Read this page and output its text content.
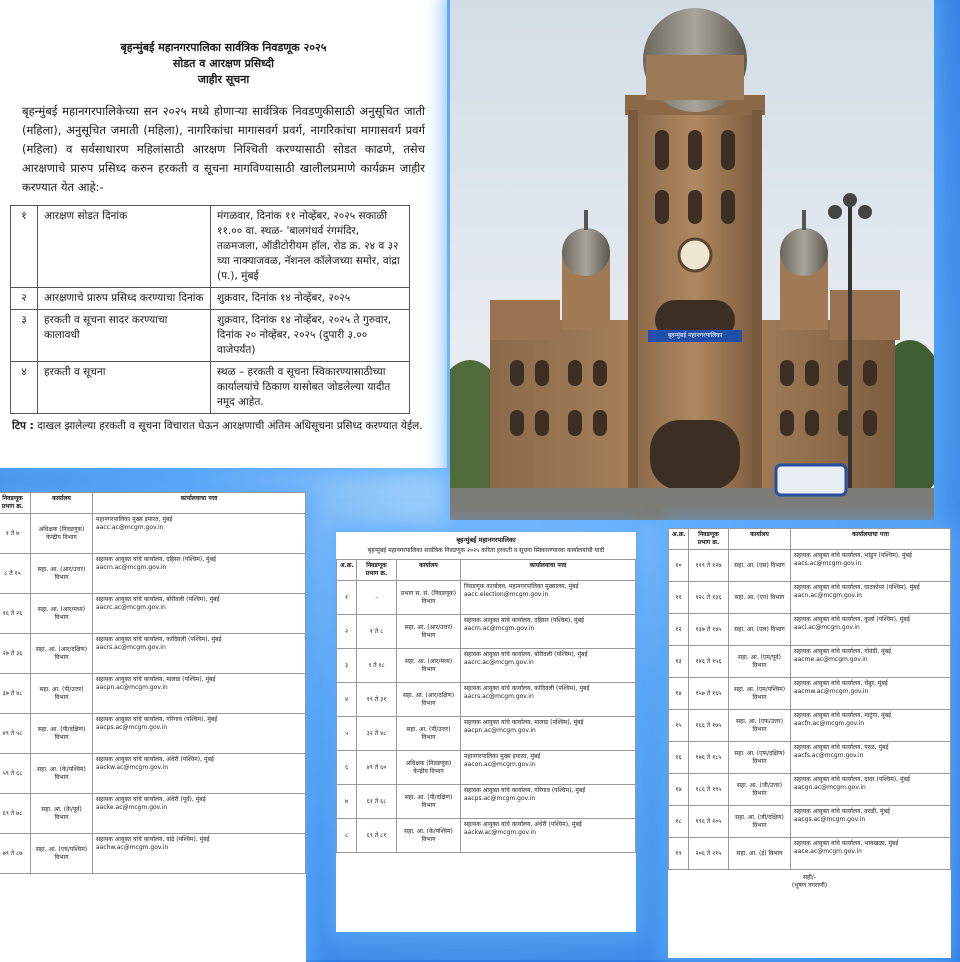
बृहन्मुंबई महानगरपालिका सार्वत्रिक निवडणूक २०२५
सोडत व आरक्षण प्रसिध्दी
जाहीर सूचना
बृहन्मुंबई महानगरपालिकेच्या सन २०२५ मध्ये होणाऱ्या सार्वत्रिक निवडणुकीसाठी अनुसूचित जाती (महिला), अनुसूचित जमाती (महिला), नागरिकांचा मागासवर्ग प्रवर्ग, नागरिकांचा मागासवर्ग प्रवर्ग (महिला) व सर्वसाधारण महिलांसाठी आरक्षण निश्चिती करण्यासाठी सोडत काढणे, तसेच आरक्षणाचे प्रारुप प्रसिध्द करुन हरकती व सूचना मागविण्यासाठी खालीलप्रमाणे कार्यक्रम जाहीर करण्यात येत आहे:-
१	आरक्षण सोडत दिनांक	मंगळवार, दिनांक ११ नोव्हेंबर, २०२५ सकाळी ११.०० वा. स्थळ- 'बालगंधर्व रंगमंदिर, तळमजला, ऑडीटोरीयम हॉल, रोड क्र. २४ व ३२ च्या नाक्याजवळ, नॅशनल कॉलेजच्या समोर, वांद्रा (प.), मुंबई
२	आरक्षणाचे प्रारुप प्रसिध्द करण्याचा दिनांक	शुक्रवार, दिनांक १४ नोव्हेंबर, २०२५
३	हरकती व सूचना सादर करण्याचा कालावधी	शुक्रवार, दिनांक १४ नोव्हेंबर, २०२५ ते गुरुवार, दिनांक २० नोव्हेंबर, २०२५ (दुपारी ३.०० वाजेपर्यंत)
४	हरकती व सूचना	स्थळ – हरकती व सूचना स्विकारण्यासाठीच्या कार्यालयांचे ठिकाण यासोबत जोडलेल्या यादीत नमूद आहेत.
टिप : दाखल झालेल्या हरकती व सूचना विचारात घेऊन आरक्षणाची अंतिम अधिसूचना प्रसिध्द करण्यात येईल.
बृहन्मुंबई महानगरपालिका
निवडणूक प्रभाग क्र.	कार्यालय	कार्यालयाचा पत्ता
१ ते ७	अधिक्षक (निवडणूक) केन्द्रीय विभाग	महानगरपालिका मुख्य इमारत, मुंबई
aacc.ac@mcgm.gov.in

८ ते १५	सहा. आ. (आर/उत्तर) विभाग	सहायक आयुक्त यांचे कार्यालय, दहिसर (पश्चिम), मुंबई
aacrn.ac@mcgm.gov.in

१६ ते २६	सहा. आ. (आर/मध्य) विभाग	सहायक आयुक्त यांचे कार्यालय, बोरीवली (पश्चिम), मुंबई
aacrc.ac@mcgm.gov.in

२७ ते ३६	सहा. आ. (आर/दक्षिण) विभाग	सहायक आयुक्त यांचे कार्यालय, कांदिवली (पश्चिम), मुंबई
aacrs.ac@mcgm.gov.in

३७ ते ४८	सहा. आ. (पी/उत्तर) विभाग	सहायक आयुक्त यांचे कार्यालय, मालाड (पश्चिम), मुंबई
aacpn.ac@mcgm.gov.in

४९ ते ५८	सहा. आ. (पी/दक्षिण) विभाग	सहायक आयुक्त यांचे कार्यालय, गोरेगाव (पश्चिम), मुंबई
aacps.ac@mcgm.gov.in

५९ ते ६८	सहा. आ. (के/पश्चिम) विभाग	सहायक आयुक्त यांचे कार्यालय, अंधेरी (पश्चिम), मुंबई
aackw.ac@mcgm.gov.in

६९ ते ७८	सहा. आ. (के/पूर्व) विभाग	सहायक आयुक्त यांचे कार्यालय, अंधेरी (पूर्व), मुंबई
aacke.ac@mcgm.gov.in

७९ ते ८७	सहा. आ. (एच/पश्चिम) विभाग	सहायक आयुक्त यांचे कार्यालय, वांद्रे (पश्चिम), मुंबई
aachw.ac@mcgm.gov.in
बृहन्मुंबई महानगरपालिका
बृहन्मुंबई महानगरपालिका सार्वत्रिक निवडणूक २०२५ करिता हरकती व सूचना स्विकारण्याच्या कार्यालयांची यादी
अ.क्र.	निवडणूक प्रभाग क्र.	कार्यालय	कार्यालयाचा पत्ता
१	-	प्रभाग स. सं. (निवडणूक) विभाग	निवडणूक कार्यालय, महानगरपालिका मुख्यालय, मुंबई
aacc.election@mcgm.gov.in

२	१ ते ८	सहा. आ. (आर/उत्तर) विभाग	सहायक आयुक्त यांचे कार्यालय, दहिसर (पश्चिम), मुंबई
aacrn.ac@mcgm.gov.in

३	९ ते १८	सहा. आ. (आर/मध्य) विभाग	सहायक आयुक्त यांचे कार्यालय, बोरीवली (पश्चिम), मुंबई
aacrc.ac@mcgm.gov.in

४	१९ ते ३१	सहा. आ. (आर/दक्षिण) विभाग	सहायक आयुक्त यांचे कार्यालय, कांदिवली (पश्चिम), मुंबई
aacrs.ac@mcgm.gov.in

५	३२ ते ४८	सहा. आ. (पी/उत्तर) विभाग	सहायक आयुक्त यांचे कार्यालय, मालाड (पश्चिम), मुंबई
aacpn.ac@mcgm.gov.in

६	४९ ते ६०	अधिक्षक (निवडणूक) केन्द्रीय विभाग	महानगरपालिका मुख्य इमारत, मुंबई
aacon.ac@mcgm.gov.in

७	६१ ते ६८	सहा. आ. (पी/दक्षिण) विभाग	सहायक आयुक्त यांचे कार्यालय, गोरेगाव (पश्चिम), मुंबई
aacps.ac@mcgm.gov.in

८	६९ ते ८१	सहा. आ. (के/पश्चिम) विभाग	सहायक आयुक्त यांचे कार्यालय, अंधेरी (पश्चिम), मुंबई
aackw.ac@mcgm.gov.in
अ.क्र.	निवडणूक प्रभाग क्र.	कार्यालय	कार्यालयाचा पत्ता
१०	११९ ते १२७	सहा. आ. (एस) विभाग	सहायक आयुक्त यांचे कार्यालय, भांडुप (पश्चिम), मुंबई
aacs.ac@mcgm.gov.in

११	१२८ ते १३६	सहा. आ. (एन) विभाग	सहायक आयुक्त यांचे कार्यालय, घाटकोपर (पश्चिम), मुंबई
aacn.ac@mcgm.gov.in

१२	१३७ ते १४५	सहा. आ. (एल) विभाग	सहायक आयुक्त यांचे कार्यालय, कुर्ला (पश्चिम), मुंबई
aacl.ac@mcgm.gov.in

१३	१४६ ते १५६	सहा. आ. (एम/पूर्व) विभाग	सहायक आयुक्त यांचे कार्यालय, गोवंडी, मुंबई
aacme.ac@mcgm.gov.in

१४	१५७ ते १६५	सहा. आ. (एम/पश्चिम) विभाग	सहायक आयुक्त यांचे कार्यालय, चेंबूर, मुंबई
aacmw.ac@mcgm.gov.in

१५	१६६ ते १७५	सहा. आ. (एफ/उत्तर) विभाग	सहायक आयुक्त यांचे कार्यालय, माटुंगा, मुंबई
aacfn.ac@mcgm.gov.in

१६	१७६ ते १८५	सहा. आ. (एफ/दक्षिण) विभाग	सहायक आयुक्त यांचे कार्यालय, परळ, मुंबई
aacfs.ac@mcgm.gov.in

१७	१८६ ते १९५	सहा. आ. (जी/उत्तर) विभाग	सहायक आयुक्त यांचे कार्यालय, दादर (पश्चिम), मुंबई
aacgn.ac@mcgm.gov.in

१८	१९६ ते २०५	सहा. आ. (जी/दक्षिण) विभाग	सहायक आयुक्त यांचे कार्यालय, वरळी, मुंबई
aacgs.ac@mcgm.gov.in

१९	२०६ ते २१५	सहा. आ. (ई) विभाग	सहायक आयुक्त यांचे कार्यालय, भायखळा, मुंबई
aace.ac@mcgm.gov.in
सही/-
(भूषण गगराणी)
